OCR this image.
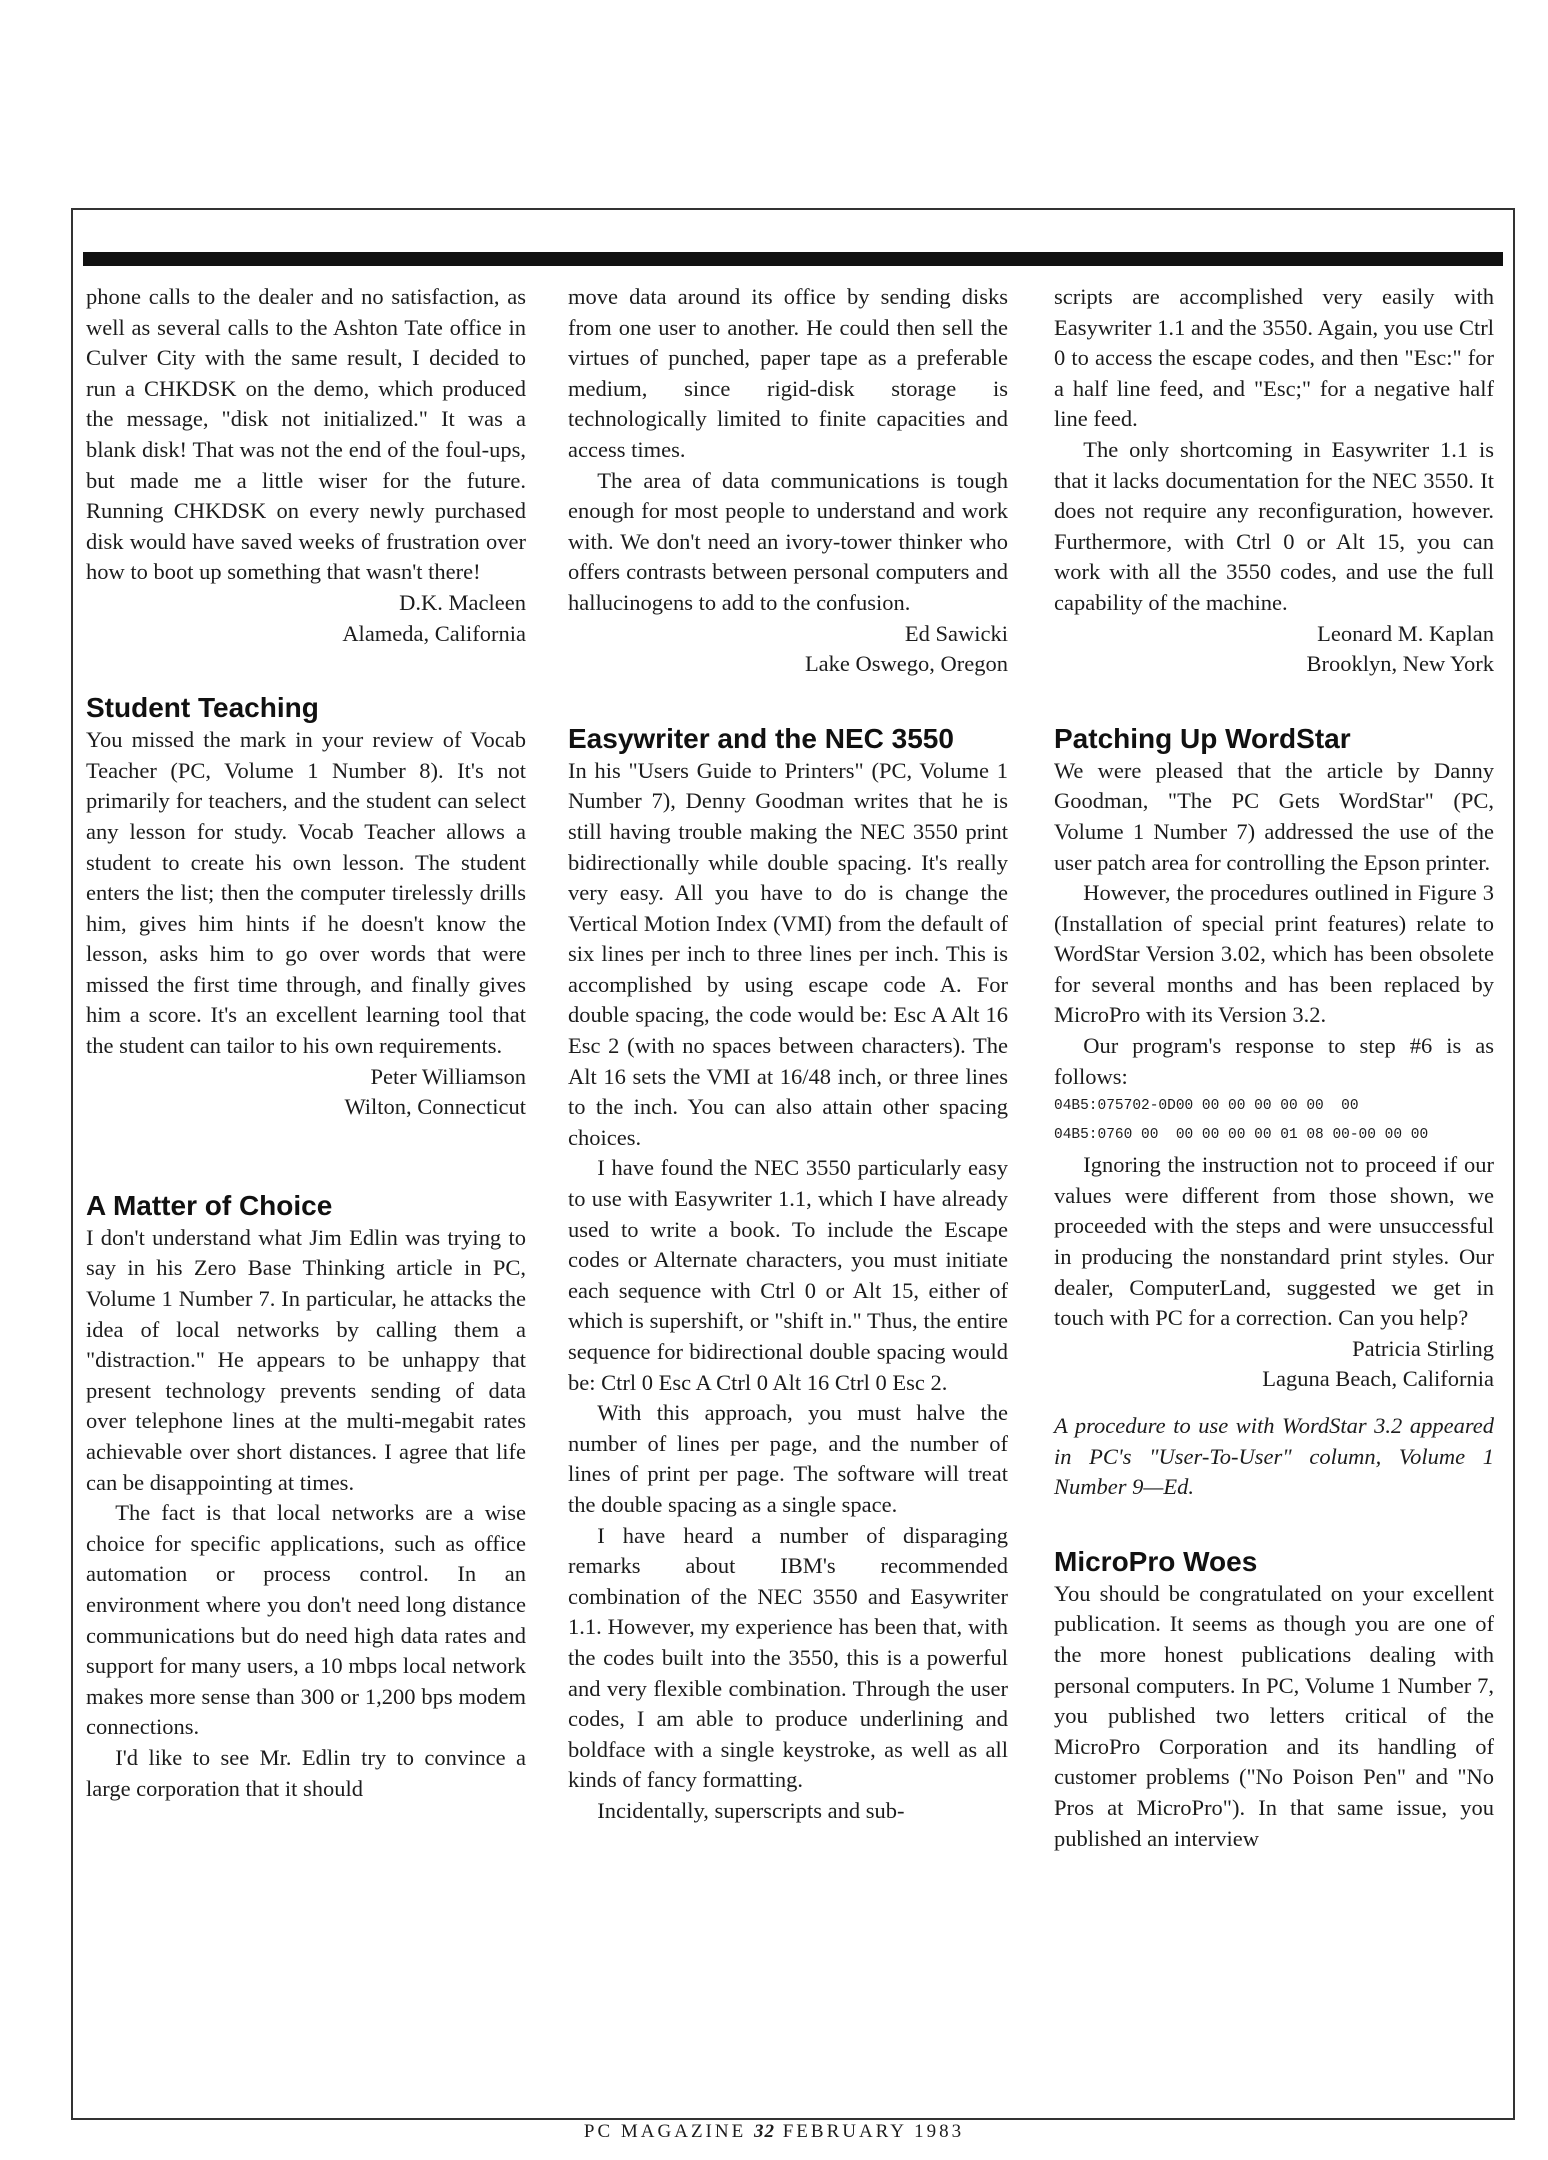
phone calls to the dealer and no satisfaction, as well as several calls to the Ashton Tate office in Culver City with the same result, I decided to run a CHKDSK on the demo, which produced the message, "disk not initialized." It was a blank disk! That was not the end of the foul-ups, but made me a little wiser for the future. Running CHKDSK on every newly purchased disk would have saved weeks of frustration over how to boot up something that wasn't there!

D.K. Macleen

Alameda, California

Student Teaching

You missed the mark in your review of Vocab Teacher (PC, Volume 1 Number 8). It's not primarily for teachers, and the student can select any lesson for study. Vocab Teacher allows a student to create his own lesson. The student enters the list; then the computer tirelessly drills him, gives him hints if he doesn't know the lesson, asks him to go over words that were missed the first time through, and finally gives him a score. It's an excellent learning tool that the student can tailor to his own requirements.

Peter Williamson

Wilton, Connecticut

A Matter of Choice

I don't understand what Jim Edlin was trying to say in his Zero Base Thinking article in PC, Volume 1 Number 7. In particular, he attacks the idea of local networks by calling them a "distraction." He appears to be unhappy that present technology prevents sending of data over telephone lines at the multi-megabit rates achievable over short distances. I agree that life can be disappointing at times.

The fact is that local networks are a wise choice for specific applications, such as office automation or process control. In an environment where you don't need long distance communications but do need high data rates and support for many users, a 10 mbps local network makes more sense than 300 or 1,200 bps modem connections.

I'd like to see Mr. Edlin try to convince a large corporation that it should

move data around its office by sending disks from one user to another. He could then sell the virtues of punched, paper tape as a preferable medium, since rigid-disk storage is technologically limited to finite capacities and access times.

The area of data communications is tough enough for most people to understand and work with. We don't need an ivory-tower thinker who offers contrasts between personal computers and hallucinogens to add to the confusion.

Ed Sawicki

Lake Oswego, Oregon

Easywriter and the NEC 3550

In his "Users Guide to Printers" (PC, Volume 1 Number 7), Denny Goodman writes that he is still having trouble making the NEC 3550 print bidirectionally while double spacing. It's really very easy. All you have to do is change the Vertical Motion Index (VMI) from the default of six lines per inch to three lines per inch. This is accomplished by using escape code A. For double spacing, the code would be: Esc A Alt 16 Esc 2 (with no spaces between characters). The Alt 16 sets the VMI at 16/48 inch, or three lines to the inch. You can also attain other spacing choices.

I have found the NEC 3550 particularly easy to use with Easywriter 1.1, which I have already used to write a book. To include the Escape codes or Alternate characters, you must initiate each sequence with Ctrl 0 or Alt 15, either of which is supershift, or "shift in." Thus, the entire sequence for bidirectional double spacing would be: Ctrl 0 Esc A Ctrl 0 Alt 16 Ctrl 0 Esc 2.

With this approach, you must halve the number of lines per page, and the number of lines of print per page. The software will treat the double spacing as a single space.

I have heard a number of disparaging remarks about IBM's recommended combination of the NEC 3550 and Easywriter 1.1. However, my experience has been that, with the codes built into the 3550, this is a powerful and very flexible combination. Through the user codes, I am able to produce underlining and boldface with a single keystroke, as well as all kinds of fancy formatting.

Incidentally, superscripts and sub-

scripts are accomplished very easily with Easywriter 1.1 and the 3550. Again, you use Ctrl 0 to access the escape codes, and then "Esc:" for a half line feed, and "Esc;" for a negative half line feed.

The only shortcoming in Easywriter 1.1 is that it lacks documentation for the NEC 3550. It does not require any reconfiguration, however. Furthermore, with Ctrl 0 or Alt 15, you can work with all the 3550 codes, and use the full capability of the machine.

Leonard M. Kaplan

Brooklyn, New York

Patching Up WordStar

We were pleased that the article by Danny Goodman, "The PC Gets WordStar" (PC, Volume 1 Number 7) addressed the use of the user patch area for controlling the Epson printer.

However, the procedures outlined in Figure 3 (Installation of special print features) relate to WordStar Version 3.02, which has been obsolete for several months and has been replaced by MicroPro with its Version 3.2.

Our program's response to step #6 is as follows:

04B5:075702-0D00 00 00 00 00 00  00
04B5:0760 00  00 00 00 00 01 08 00-00 00 00

Ignoring the instruction not to proceed if our values were different from those shown, we proceeded with the steps and were unsuccessful in producing the nonstandard print styles. Our dealer, ComputerLand, suggested we get in touch with PC for a correction. Can you help?

Patricia Stirling

Laguna Beach, California

A procedure to use with WordStar 3.2 appeared in PC's "User-To-User" column, Volume 1 Number 9—Ed.

MicroPro Woes

You should be congratulated on your excellent publication. It seems as though you are one of the more honest publications dealing with personal computers. In PC, Volume 1 Number 7, you published two letters critical of the MicroPro Corporation and its handling of customer problems ("No Poison Pen" and "No Pros at MicroPro"). In that same issue, you published an interview

PC MAGAZINE 32 FEBRUARY 1983
